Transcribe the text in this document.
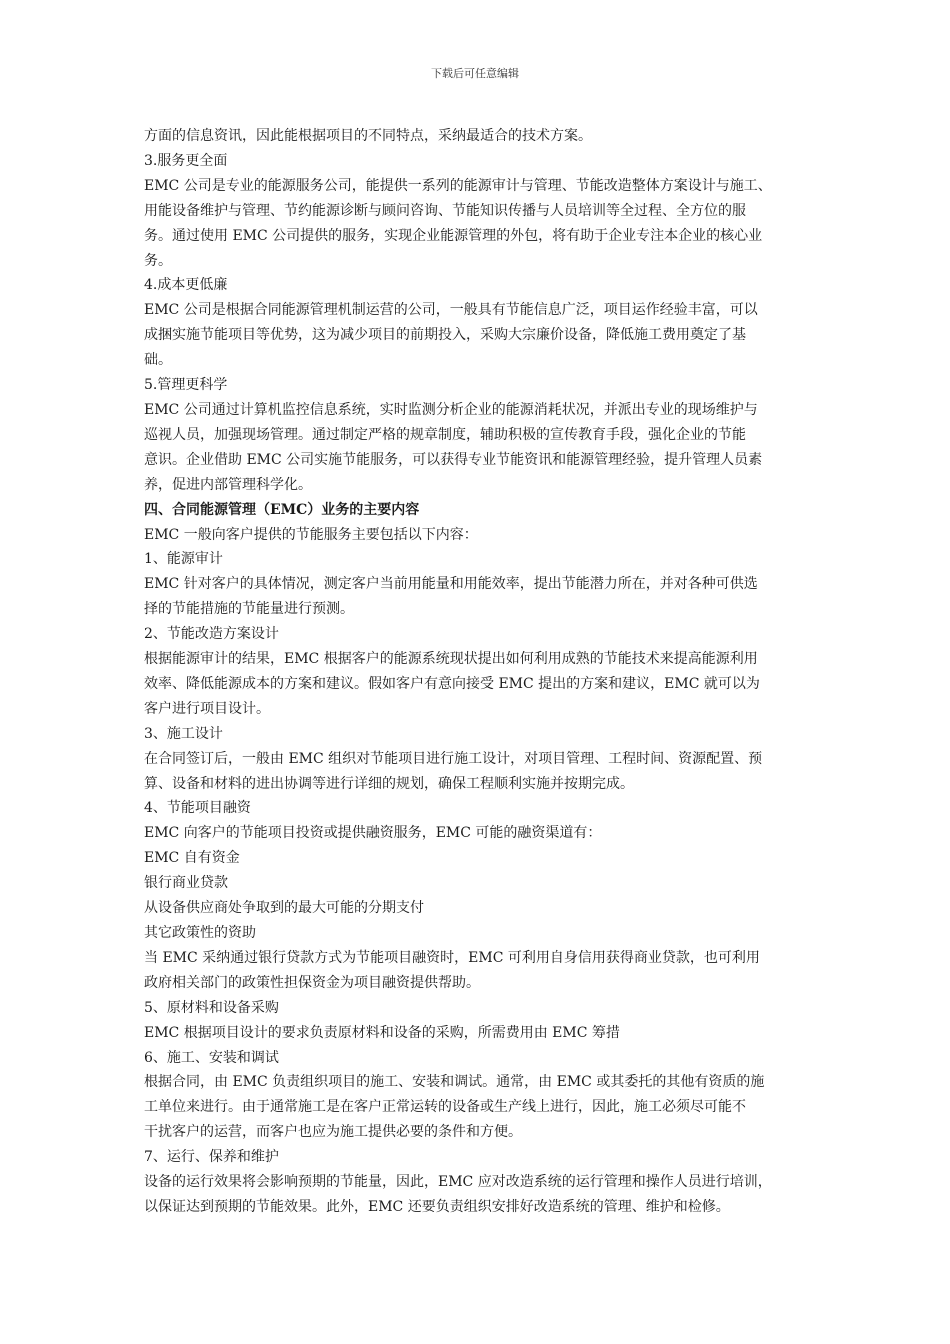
下载后可任意编辑
方面的信息资讯，因此能根据项目的不同特点，采纳最适合的技术方案。
3.服务更全面
EMC 公司是专业的能源服务公司，能提供一系列的能源审计与管理、节能改造整体方案设计与施工、
用能设备维护与管理、节约能源诊断与顾问咨询、节能知识传播与人员培训等全过程、全方位的服
务。通过使用 EMC 公司提供的服务，实现企业能源管理的外包，将有助于企业专注本企业的核心业
务。
4.成本更低廉
EMC 公司是根据合同能源管理机制运营的公司，一般具有节能信息广泛，项目运作经验丰富，可以
成捆实施节能项目等优势，这为减少项目的前期投入，采购大宗廉价设备，降低施工费用奠定了基
础。
5.管理更科学
EMC 公司通过计算机监控信息系统，实时监测分析企业的能源消耗状况，并派出专业的现场维护与
巡视人员，加强现场管理。通过制定严格的规章制度，辅助积极的宣传教育手段，强化企业的节能
意识。企业借助 EMC 公司实施节能服务，可以获得专业节能资讯和能源管理经验，提升管理人员素
养，促进内部管理科学化。
四、合同能源管理（EMC）业务的主要内容
EMC 一般向客户提供的节能服务主要包括以下内容：
1、能源审计
EMC 针对客户的具体情况，测定客户当前用能量和用能效率，提出节能潜力所在，并对各种可供选
择的节能措施的节能量进行预测。
2、节能改造方案设计
根据能源审计的结果，EMC 根据客户的能源系统现状提出如何利用成熟的节能技术来提高能源利用
效率、降低能源成本的方案和建议。假如客户有意向接受 EMC 提出的方案和建议，EMC 就可以为
客户进行项目设计。
3、施工设计
在合同签订后，一般由 EMC 组织对节能项目进行施工设计，对项目管理、工程时间、资源配置、预
算、设备和材料的进出协调等进行详细的规划，确保工程顺利实施并按期完成。
4、节能项目融资
EMC 向客户的节能项目投资或提供融资服务，EMC 可能的融资渠道有：
EMC 自有资金
银行商业贷款
从设备供应商处争取到的最大可能的分期支付
其它政策性的资助
当 EMC 采纳通过银行贷款方式为节能项目融资时，EMC 可利用自身信用获得商业贷款，也可利用
政府相关部门的政策性担保资金为项目融资提供帮助。
5、原材料和设备采购
EMC 根据项目设计的要求负责原材料和设备的采购，所需费用由 EMC 筹措
6、施工、安装和调试
根据合同，由 EMC 负责组织项目的施工、安装和调试。通常，由 EMC 或其委托的其他有资质的施
工单位来进行。由于通常施工是在客户正常运转的设备或生产线上进行，因此，施工必须尽可能不
干扰客户的运营，而客户也应为施工提供必要的条件和方便。
7、运行、保养和维护
设备的运行效果将会影响预期的节能量，因此，EMC 应对改造系统的运行管理和操作人员进行培训，
以保证达到预期的节能效果。此外，EMC 还要负责组织安排好改造系统的管理、维护和检修。
